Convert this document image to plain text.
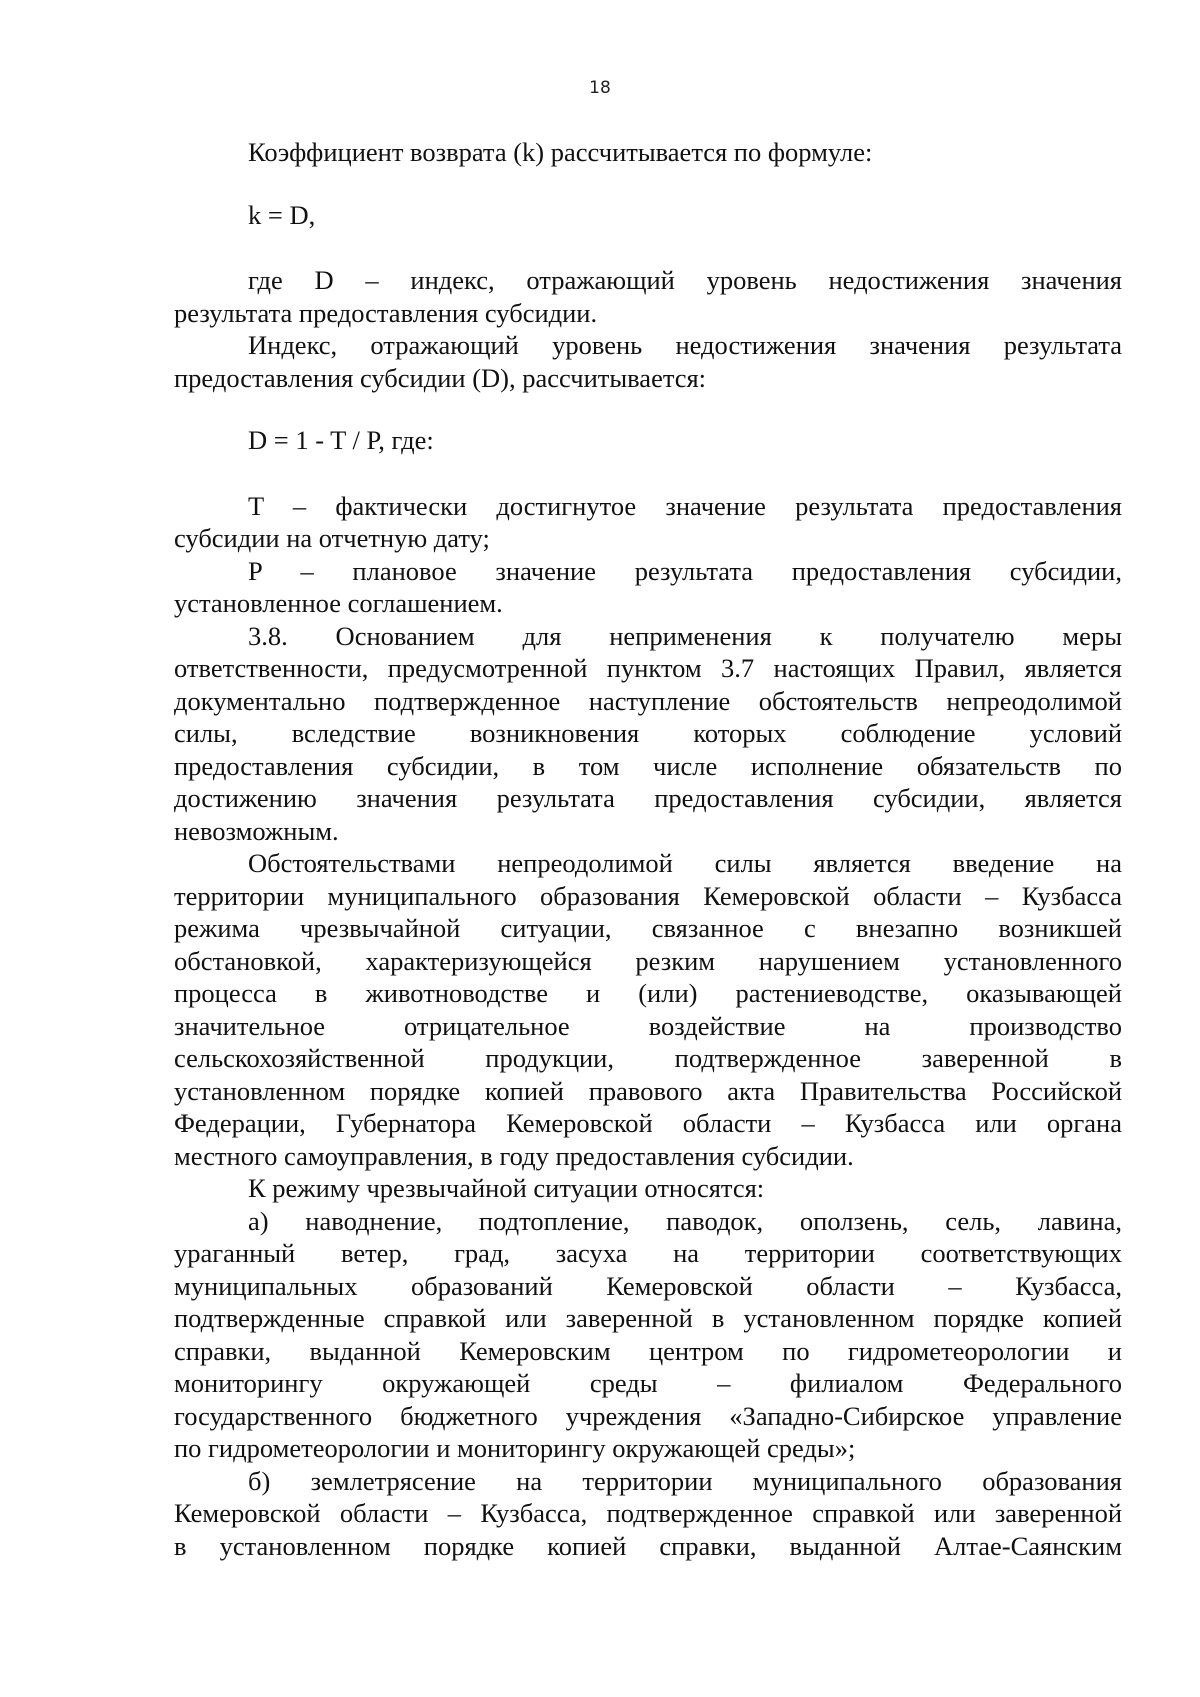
18
Коэффициент возврата (k) рассчитывается по формуле:
k = D,
где D – индекс, отражающий уровень недостижения значения
результата предоставления субсидии.
Индекс, отражающий уровень недостижения значения результата
предоставления субсидии (D), рассчитывается:
D = 1 - T / P, где:
T – фактически достигнутое значение результата предоставления
субсидии на отчетную дату;
P – плановое значение результата предоставления субсидии,
установленное соглашением.
3.8. Основанием для неприменения к получателю меры
ответственности, предусмотренной пунктом 3.7 настоящих Правил, является
документально подтвержденное наступление обстоятельств непреодолимой
силы, вследствие возникновения которых соблюдение условий
предоставления субсидии, в том числе исполнение обязательств по
достижению значения результата предоставления субсидии, является
невозможным.
Обстоятельствами непреодолимой силы является введение на
территории муниципального образования Кемеровской области – Кузбасса
режима чрезвычайной ситуации, связанное с внезапно возникшей
обстановкой, характеризующейся резким нарушением установленного
процесса в животноводстве и (или) растениеводстве, оказывающей
значительное отрицательное воздействие на производство
сельскохозяйственной продукции, подтвержденное заверенной в
установленном порядке копией правового акта Правительства Российской
Федерации, Губернатора Кемеровской области – Кузбасса или органа
местного самоуправления, в году предоставления субсидии.
К режиму чрезвычайной ситуации относятся:
а) наводнение, подтопление, паводок, оползень, сель, лавина,
ураганный ветер, град, засуха на территории соответствующих
муниципальных образований Кемеровской области – Кузбасса,
подтвержденные справкой или заверенной в установленном порядке копией
справки, выданной Кемеровским центром по гидрометеорологии и
мониторингу окружающей среды – филиалом Федерального
государственного бюджетного учреждения «Западно-Сибирское управление
по гидрометеорологии и мониторингу окружающей среды»;
б) землетрясение на территории муниципального образования
Кемеровской области – Кузбасса, подтвержденное справкой или заверенной
в установленном порядке копией справки, выданной Алтае-Саянским
